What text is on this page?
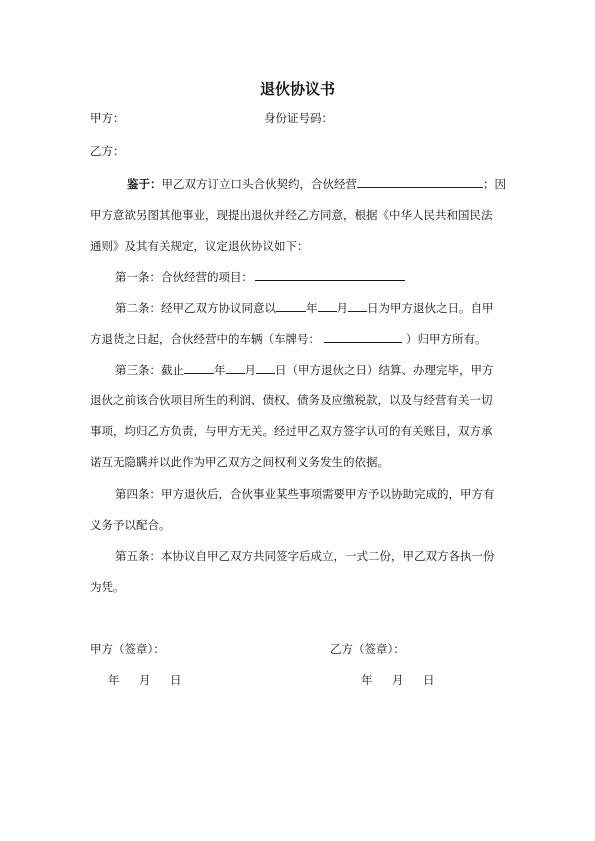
退伙协议书
甲方：	身份证号码：
乙方：
鉴于：甲乙双方订立口头合伙契约，合伙经营	；因
甲方意欲另图其他事业，现提出退伙并经乙方同意，根据《中华人民共和国民法
通则》及其有关规定，议定退伙协议如下：
第一条：合伙经营的项目：
第二条：经甲乙双方协议同意以	年 月 日为甲方退伙之日。自甲
方退货之日起，合伙经营中的车辆（车牌号：	）归甲方所有。
第三条：截止	年 月 日（甲方退伙之日）结算、办理完毕，甲方
退伙之前该合伙项目所生的利润、债权、债务及应缴税款，以及与经营有关一切
事项，均归乙方负责，与甲方无关。经过甲乙双方签字认可的有关账目，双方承
诺互无隐瞒并以此作为甲乙双方之间权利义务发生的依据。
第四条：甲方退伙后，合伙事业某些事项需要甲方予以协助完成的，甲方有
义务予以配合。
第五条：本协议自甲乙双方共同签字后成立，一式二份，甲乙双方各执一份
为凭。
甲方（签章）：	乙方（签章）：
年 月 日	年 月 日
